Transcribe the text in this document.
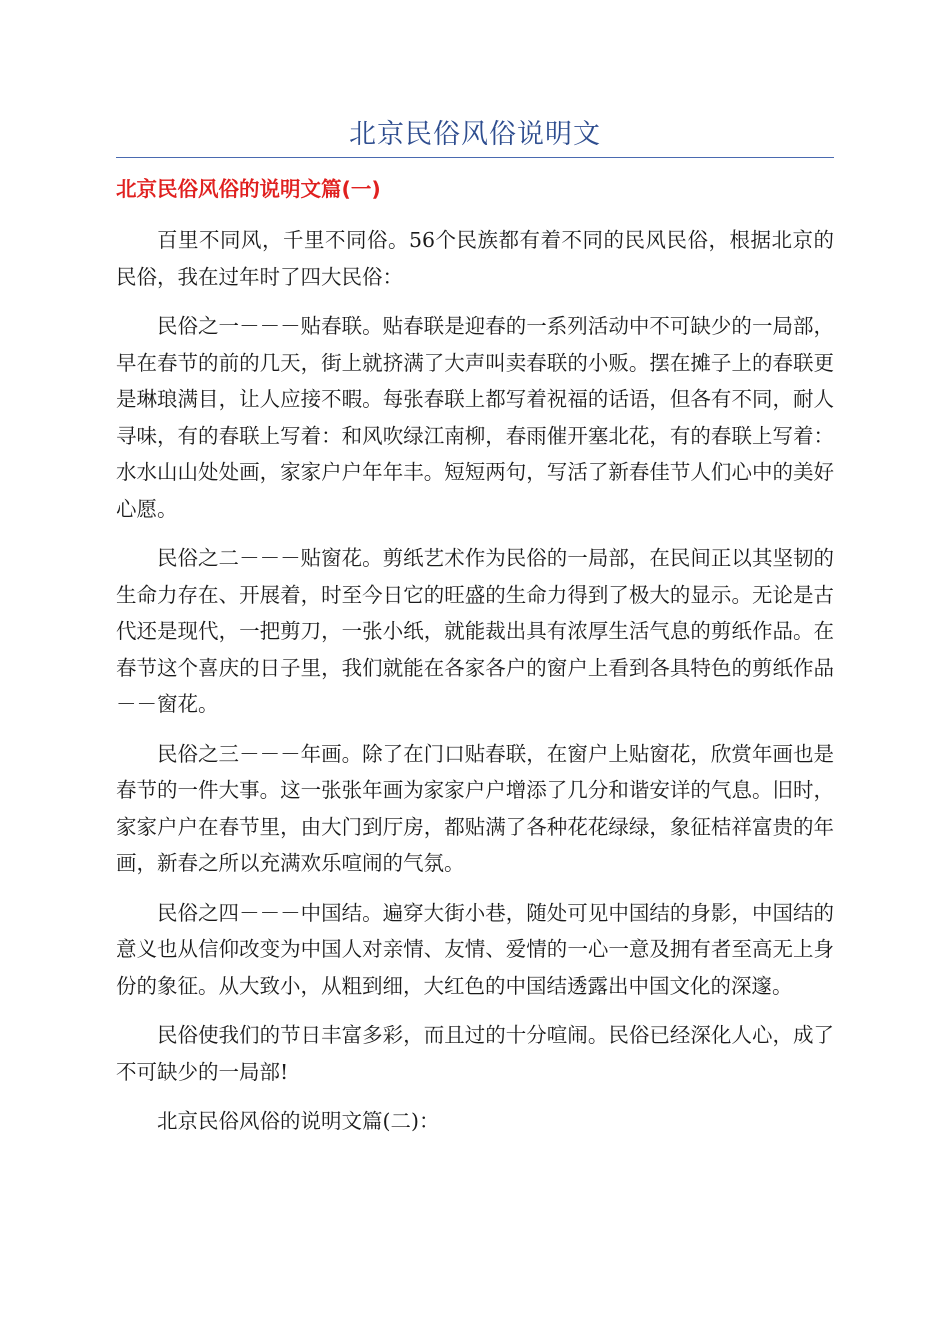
北京民俗风俗说明文
北京民俗风俗的说明文篇(一)

百里不同风，千里不同俗。56个民族都有着不同的民风民俗，根据北京的民俗，我在过年时了四大民俗：

民俗之一－－－贴春联。贴春联是迎春的一系列活动中不可缺少的一局部，早在春节的前的几天，街上就挤满了大声叫卖春联的小贩。摆在摊子上的春联更是琳琅满目，让人应接不暇。每张春联上都写着祝福的话语，但各有不同，耐人寻味，有的春联上写着：和风吹绿江南柳，春雨催开塞北花，有的春联上写着：水水山山处处画，家家户户年年丰。短短两句，写活了新春佳节人们心中的美好心愿。

民俗之二－－－贴窗花。剪纸艺术作为民俗的一局部，在民间正以其坚韧的生命力存在、开展着，时至今日它的旺盛的生命力得到了极大的显示。无论是古代还是现代，一把剪刀，一张小纸，就能裁出具有浓厚生活气息的剪纸作品。在春节这个喜庆的日子里，我们就能在各家各户的窗户上看到各具特色的剪纸作品－－窗花。

民俗之三－－－年画。除了在门口贴春联，在窗户上贴窗花，欣赏年画也是春节的一件大事。这一张张年画为家家户户增添了几分和谐安详的气息。旧时，家家户户在春节里，由大门到厅房，都贴满了各种花花绿绿，象征桔祥富贵的年画，新春之所以充满欢乐喧闹的气氛。

民俗之四－－－中国结。遍穿大街小巷，随处可见中国结的身影，中国结的意义也从信仰改变为中国人对亲情、友情、爱情的一心一意及拥有者至高无上身份的象征。从大致小，从粗到细，大红色的中国结透露出中国文化的深邃。

民俗使我们的节日丰富多彩，而且过的十分喧闹。民俗已经深化人心，成了不可缺少的一局部!

北京民俗风俗的说明文篇(二)：
